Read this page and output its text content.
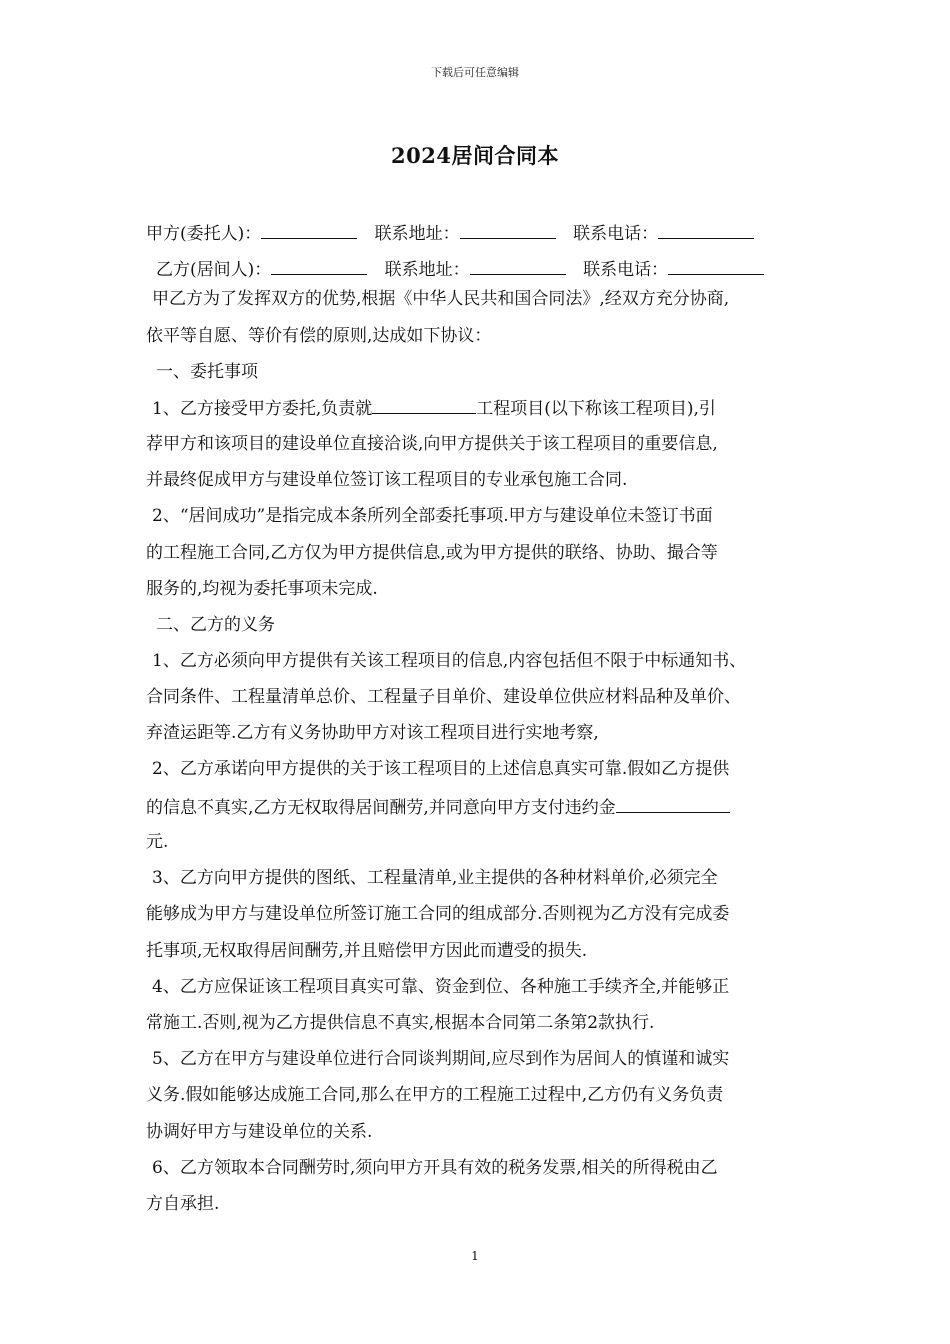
下载后可任意编辑
2024居间合同本
甲方(委托人)：	联系地址：	联系电话：
乙方(居间人)：	联系地址：	联系电话：
甲乙方为了发挥双方的优势,根据《中华人民共和国合同法》,经双方充分协商,
依平等自愿、等价有偿的原则,达成如下协议：
一、委托事项
1、乙方接受甲方委托,负责就	工程项目(以下称该工程项目),引
荐甲方和该项目的建设单位直接洽谈,向甲方提供关于该工程项目的重要信息,
并最终促成甲方与建设单位签订该工程项目的专业承包施工合同.
2、“居间成功”是指完成本条所列全部委托事项.甲方与建设单位未签订书面
的工程施工合同,乙方仅为甲方提供信息,或为甲方提供的联络、协助、撮合等
服务的,均视为委托事项未完成.
二、乙方的义务
1、乙方必须向甲方提供有关该工程项目的信息,内容包括但不限于中标通知书、
合同条件、工程量清单总价、工程量子目单价、建设单位供应材料品种及单价、
弃渣运距等.乙方有义务协助甲方对该工程项目进行实地考察,
2、乙方承诺向甲方提供的关于该工程项目的上述信息真实可靠.假如乙方提供
的信息不真实,乙方无权取得居间酬劳,并同意向甲方支付违约金
元.
3、乙方向甲方提供的图纸、工程量清单,业主提供的各种材料单价,必须完全
能够成为甲方与建设单位所签订施工合同的组成部分.否则视为乙方没有完成委
托事项,无权取得居间酬劳,并且赔偿甲方因此而遭受的损失.
4、乙方应保证该工程项目真实可靠、资金到位、各种施工手续齐全,并能够正
常施工.否则,视为乙方提供信息不真实,根据本合同第二条第2款执行.
5、乙方在甲方与建设单位进行合同谈判期间,应尽到作为居间人的慎谨和诚实
义务.假如能够达成施工合同,那么在甲方的工程施工过程中,乙方仍有义务负责
协调好甲方与建设单位的关系.
6、乙方领取本合同酬劳时,须向甲方开具有效的税务发票,相关的所得税由乙
方自承担.
1
